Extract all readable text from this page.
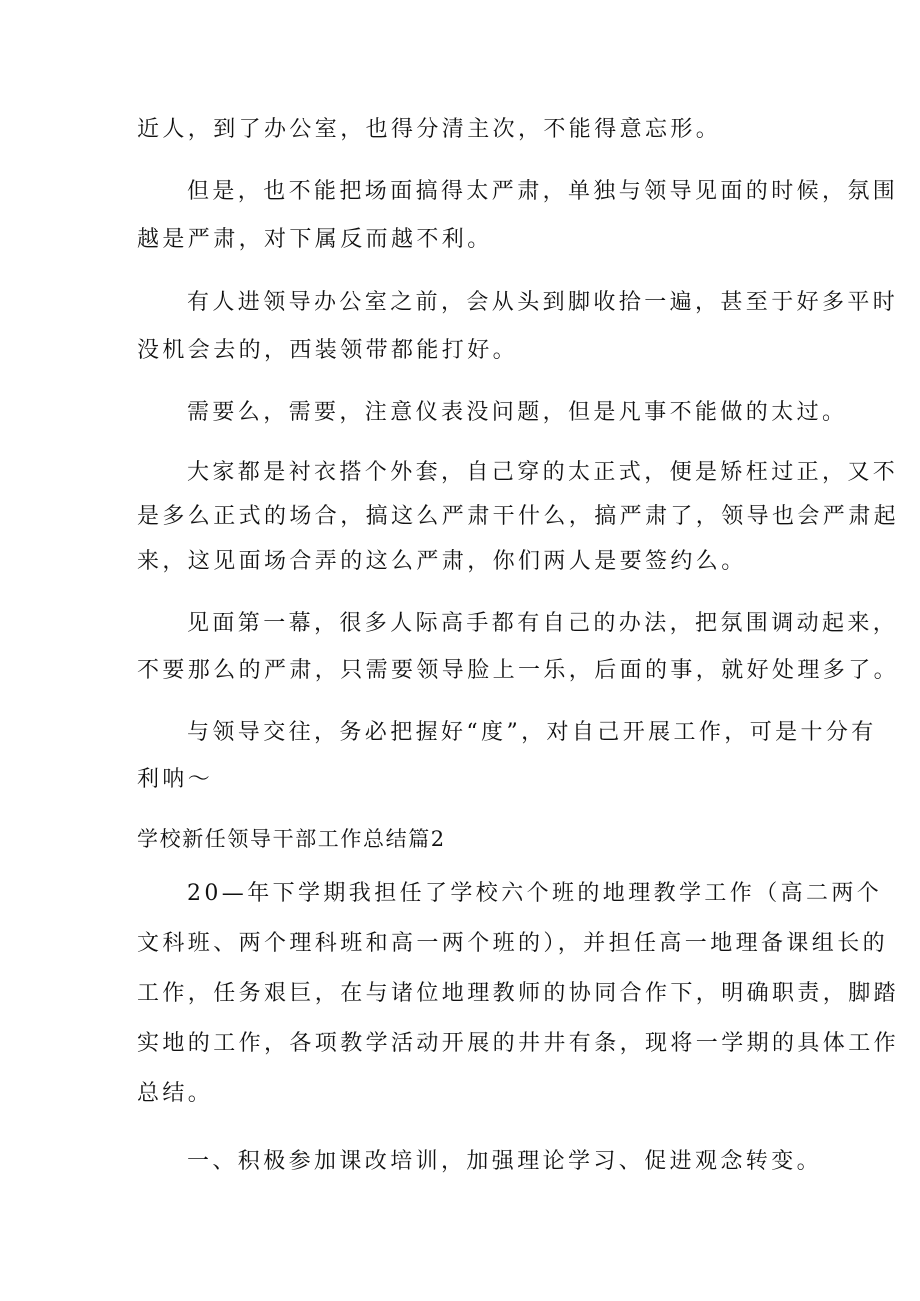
近人，到了办公室，也得分清主次，不能得意忘形。

但是，也不能把场面搞得太严肃，单独与领导见面的时候，氛围

越是严肃，对下属反而越不利。

有人进领导办公室之前，会从头到脚收拾一遍，甚至于好多平时

没机会去的，西装领带都能打好。

需要么，需要，注意仪表没问题，但是凡事不能做的太过。

大家都是衬衣搭个外套，自己穿的太正式，便是矫枉过正，又不

是多么正式的场合，搞这么严肃干什么，搞严肃了，领导也会严肃起

来，这见面场合弄的这么严肃，你们两人是要签约么。

见面第一幕，很多人际高手都有自己的办法，把氛围调动起来，

不要那么的严肃，只需要领导脸上一乐，后面的事，就好处理多了。

与领导交往，务必把握好“度”，对自己开展工作，可是十分有

利呐～

学校新任领导干部工作总结篇2

20—年下学期我担任了学校六个班的地理教学工作（高二两个

文科班、两个理科班和高一两个班的），并担任高一地理备课组长的

工作，任务艰巨，在与诸位地理教师的协同合作下，明确职责，脚踏

实地的工作，各项教学活动开展的井井有条，现将一学期的具体工作

总结。

一、积极参加课改培训，加强理论学习、促进观念转变。
